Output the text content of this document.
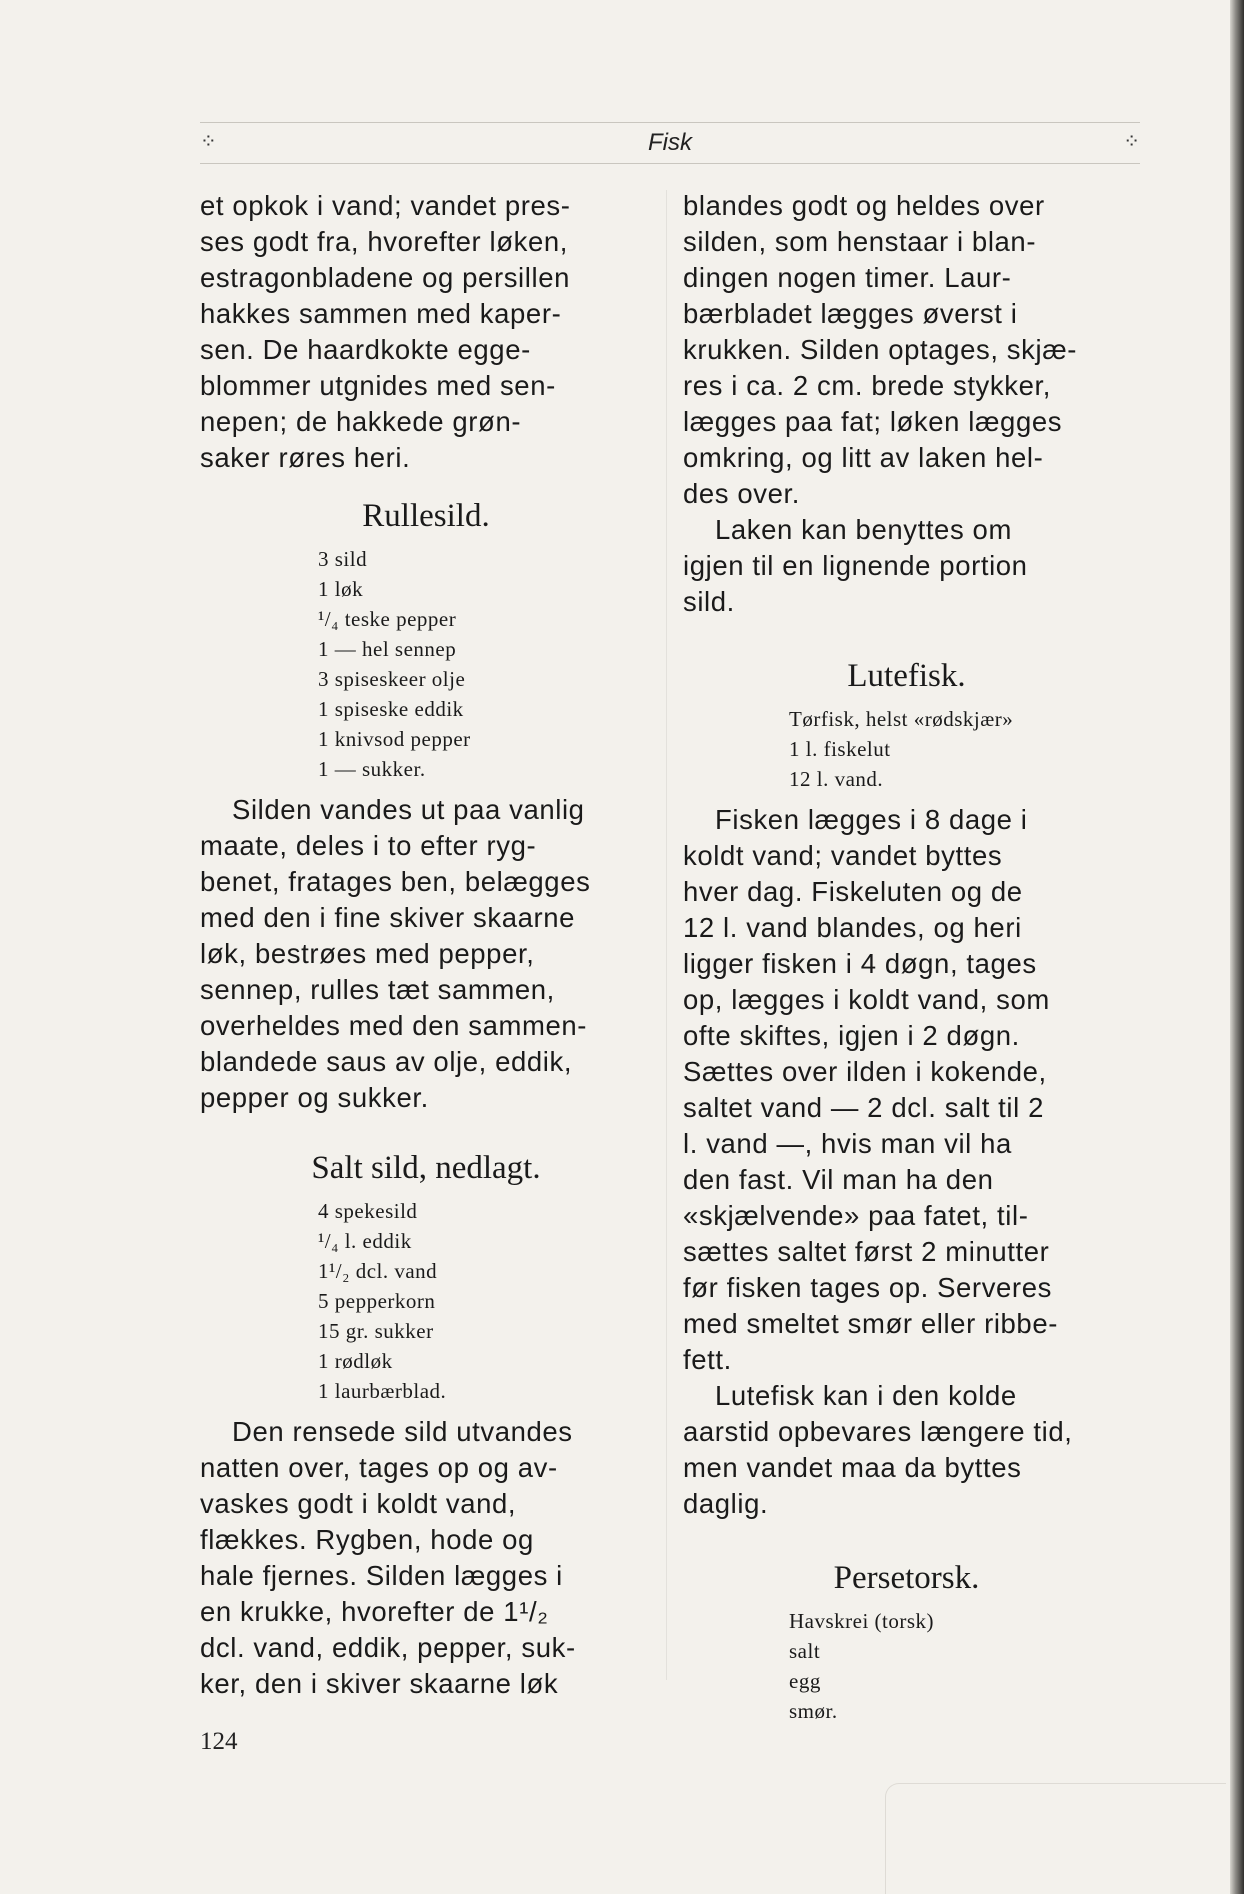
⁘	Fisk	⁘

et opkok i vand; vandet pres-
ses godt fra, hvorefter løken,
estragonbladene og persillen
hakkes sammen med kaper-
sen. De haardkokte egge-
blommer utgnides med sen-
nepen; de hakkede grøn-
saker røres heri.

Rullesild.
3 sild
1 løk
¹/₄ teske pepper
1 — hel sennep
3 spiseskeer olje
1 spiseske eddik
1 knivsod pepper
1 — sukker.

Silden vandes ut paa vanlig
maate, deles i to efter ryg-
benet, fratages ben, belægges
med den i fine skiver skaarne
løk, bestrøes med pepper,
sennep, rulles tæt sammen,
overheldes med den sammen-
blandede saus av olje, eddik,
pepper og sukker.

Salt sild, nedlagt.
4 spekesild
¹/₄ l. eddik
1¹/₂ dcl. vand
5 pepperkorn
15 gr. sukker
1 rødløk
1 laurbærblad.

Den rensede sild utvandes
natten over, tages op og av-
vaskes godt i koldt vand,
flækkes. Rygben, hode og
hale fjernes. Silden lægges i
en krukke, hvorefter de 1¹/₂
dcl. vand, eddik, pepper, suk-
ker, den i skiver skaarne løk

blandes godt og heldes over
silden, som henstaar i blan-
dingen nogen timer. Laur-
bærbladet lægges øverst i
krukken. Silden optages, skjæ-
res i ca. 2 cm. brede stykker,
lægges paa fat; løken lægges
omkring, og litt av laken hel-
des over.

Laken kan benyttes om
igjen til en lignende portion
sild.

Lutefisk.
Tørfisk, helst «rødskjær»
1 l. fiskelut
12 l. vand.

Fisken lægges i 8 dage i
koldt vand; vandet byttes
hver dag. Fiskeluten og de
12 l. vand blandes, og heri
ligger fisken i 4 døgn, tages
op, lægges i koldt vand, som
ofte skiftes, igjen i 2 døgn.
Sættes over ilden i kokende,
saltet vand — 2 dcl. salt til 2
l. vand —, hvis man vil ha
den fast. Vil man ha den
«skjælvende» paa fatet, til-
sættes saltet først 2 minutter
før fisken tages op. Serveres
med smeltet smør eller ribbe-
fett.

Lutefisk kan i den kolde
aarstid opbevares længere tid,
men vandet maa da byttes
daglig.

Persetorsk.
Havskrei (torsk)
salt
egg
smør.
124
